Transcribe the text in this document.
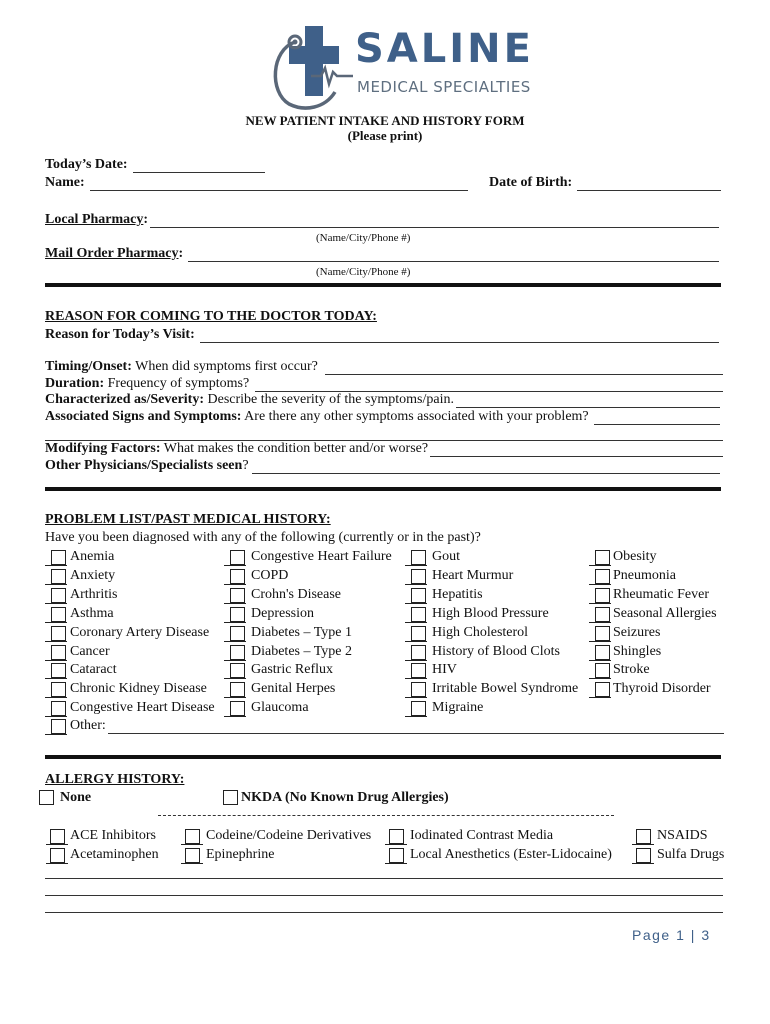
SALINE
MEDICAL SPECIALTIES
NEW PATIENT INTAKE AND HISTORY FORM
(Please print)
Today’s Date:
Name:	Date of Birth:
Local Pharmacy:
(Name/City/Phone #)
Mail Order Pharmacy:
(Name/City/Phone #)
REASON FOR COMING TO THE DOCTOR TODAY:
Reason for Today’s Visit:
Timing/Onset: When did symptoms first occur?
Duration: Frequency of symptoms?
Characterized as/Severity: Describe the severity of the symptoms/pain.
Associated Signs and Symptoms: Are there any other symptoms associated with your problem?
Modifying Factors: What makes the condition better and/or worse?
Other Physicians/Specialists seen?
PROBLEM LIST/PAST MEDICAL HISTORY:
Have you been diagnosed with any of the following (currently or in the past)?
Anemia
Anxiety
Arthritis
Asthma
Coronary Artery Disease
Cancer
Cataract
Chronic Kidney Disease
Congestive Heart Disease
Congestive Heart Failure
COPD
Crohn's Disease
Depression
Diabetes – Type 1
Diabetes – Type 2
Gastric Reflux
Genital Herpes
Glaucoma
Gout
Heart Murmur
Hepatitis
High Blood Pressure
High Cholesterol
History of Blood Clots
HIV
Irritable Bowel Syndrome
Migraine
Obesity
Pneumonia
Rheumatic Fever
Seasonal Allergies
Seizures
Shingles
Stroke
Thyroid Disorder
Other:
ALLERGY HISTORY:
None	NKDA (No Known Drug Allergies)
ACE Inhibitors	Codeine/Codeine Derivatives	Iodinated Contrast Media	NSAIDS
Acetaminophen	Epinephrine	Local Anesthetics (Ester-Lidocaine)	Sulfa Drugs
Page 1 | 3
